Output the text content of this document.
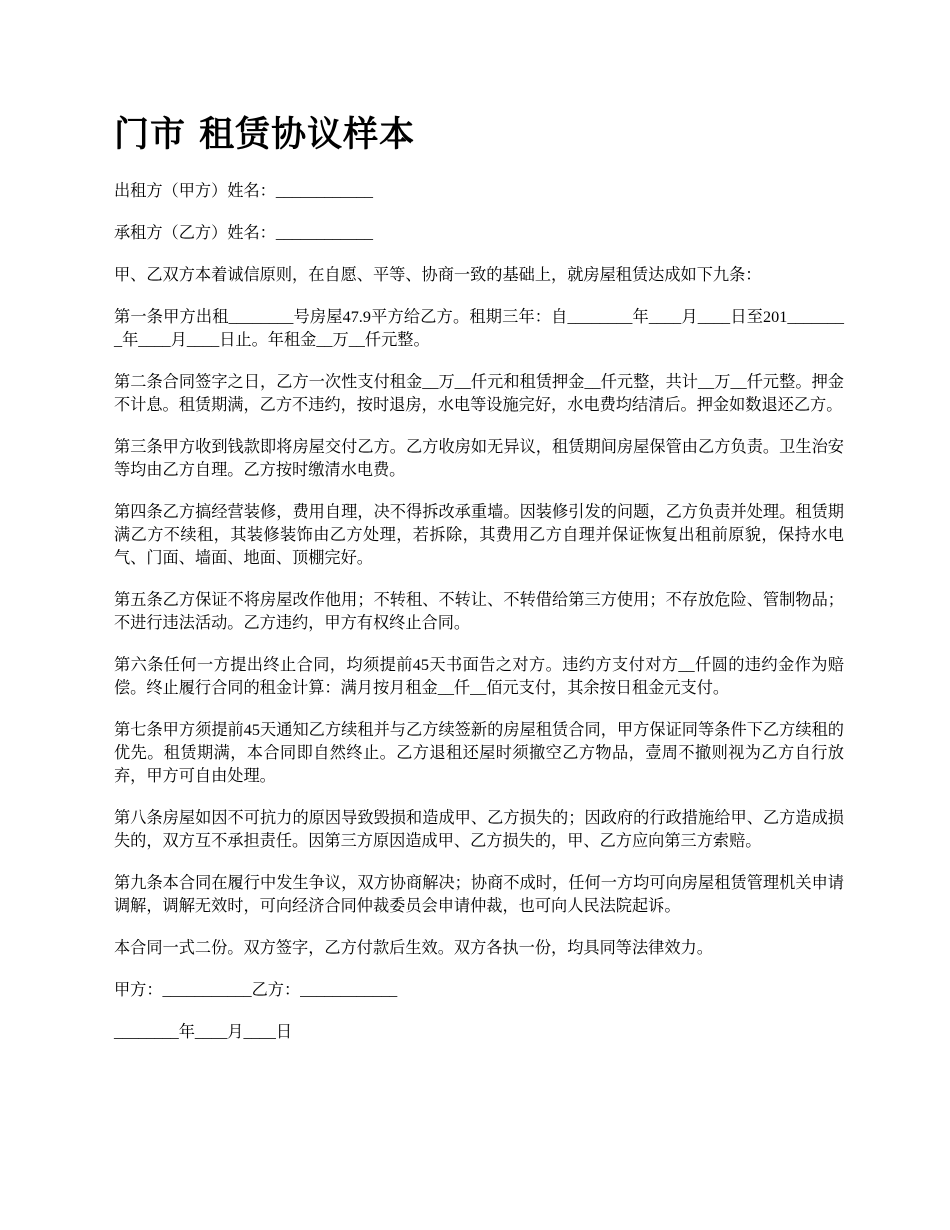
门市 租赁协议样本

出租方（甲方）姓名：____________

承租方（乙方）姓名：____________

甲、乙双方本着诚信原则，在自愿、平等、协商一致的基础上，就房屋租赁达成如下九条：

第一条甲方出租________号房屋47.9平方给乙方。租期三年：自________年____月____日至201________年____月____日止。年租金__万__仟元整。

第二条合同签字之日，乙方一次性支付租金__万__仟元和租赁押金__仟元整，共计__万__仟元整。押金不计息。租赁期满，乙方不违约，按时退房，水电等设施完好，水电费均结清后。押金如数退还乙方。

第三条甲方收到钱款即将房屋交付乙方。乙方收房如无异议，租赁期间房屋保管由乙方负责。卫生治安等均由乙方自理。乙方按时缴清水电费。

第四条乙方搞经营装修，费用自理，决不得拆改承重墙。因装修引发的问题，乙方负责并处理。租赁期满乙方不续租，其装修装饰由乙方处理，若拆除，其费用乙方自理并保证恢复出租前原貌，保持水电气、门面、墙面、地面、顶棚完好。

第五条乙方保证不将房屋改作他用；不转租、不转让、不转借给第三方使用；不存放危险、管制物品；不进行违法活动。乙方违约，甲方有权终止合同。

第六条任何一方提出终止合同，均须提前45天书面告之对方。违约方支付对方__仟圆的违约金作为赔偿。终止履行合同的租金计算：满月按月租金__仟__佰元支付，其余按日租金元支付。

第七条甲方须提前45天通知乙方续租并与乙方续签新的房屋租赁合同，甲方保证同等条件下乙方续租的优先。租赁期满，本合同即自然终止。乙方退租还屋时须撤空乙方物品，壹周不撤则视为乙方自行放弃，甲方可自由处理。

第八条房屋如因不可抗力的原因导致毁损和造成甲、乙方损失的；因政府的行政措施给甲、乙方造成损失的，双方互不承担责任。因第三方原因造成甲、乙方损失的，甲、乙方应向第三方索赔。

第九条本合同在履行中发生争议，双方协商解决；协商不成时，任何一方均可向房屋租赁管理机关申请调解，调解无效时，可向经济合同仲裁委员会申请仲裁，也可向人民法院起诉。

本合同一式二份。双方签字，乙方付款后生效。双方各执一份，均具同等法律效力。

甲方：___________乙方：____________

________年____月____日
